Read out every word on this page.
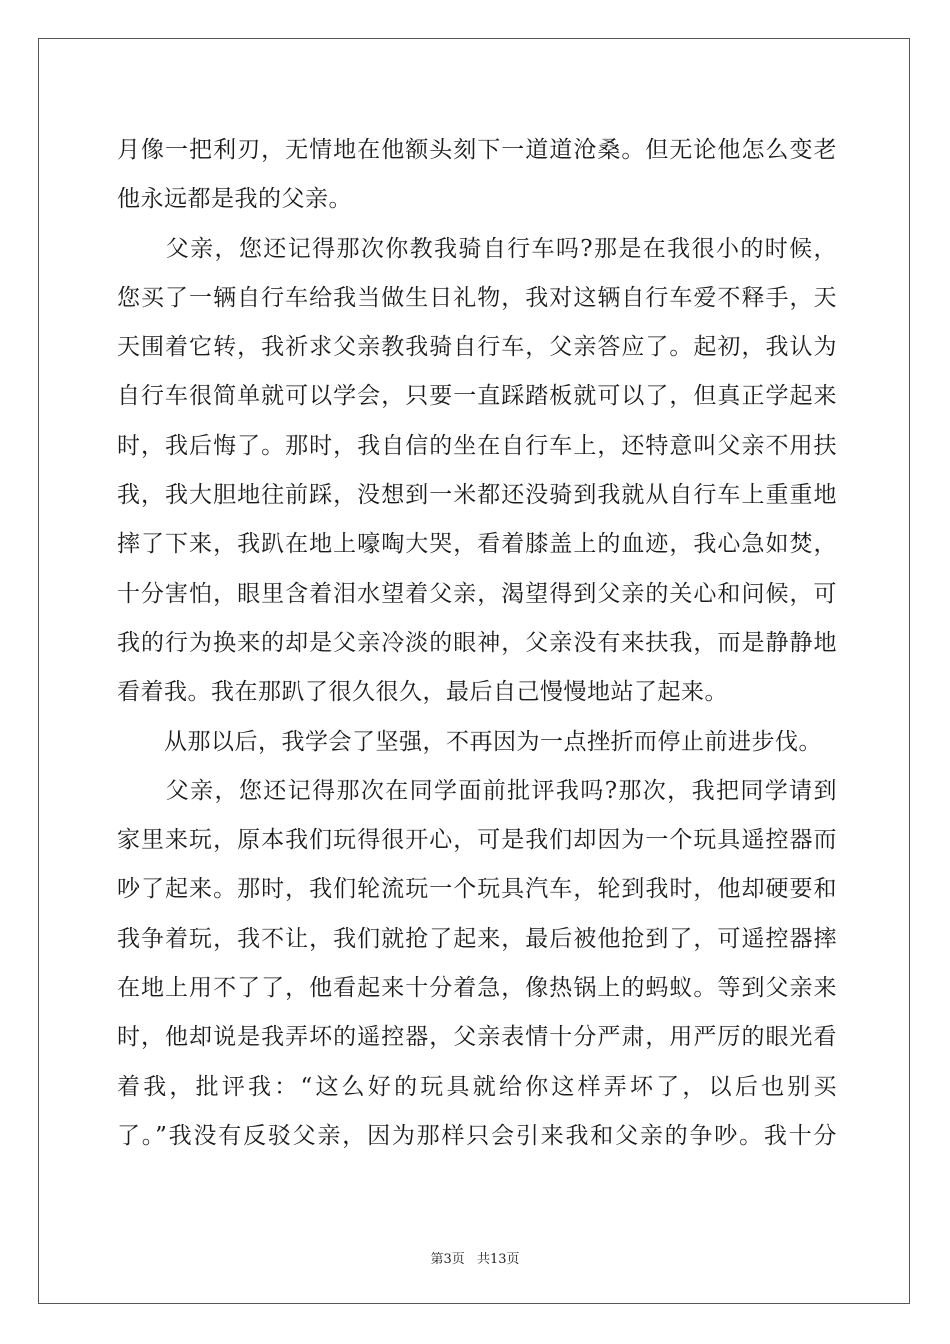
月像一把利刃，无情地在他额头刻下一道道沧桑。但无论他怎么变老
他永远都是我的父亲。
　　父亲，您还记得那次你教我骑自行车吗?那是在我很小的时候，
您买了一辆自行车给我当做生日礼物，我对这辆自行车爱不释手，天
天围着它转，我祈求父亲教我骑自行车，父亲答应了。起初，我认为
自行车很简单就可以学会，只要一直踩踏板就可以了，但真正学起来
时，我后悔了。那时，我自信的坐在自行车上，还特意叫父亲不用扶
我，我大胆地往前踩，没想到一米都还没骑到我就从自行车上重重地
摔了下来，我趴在地上嚎啕大哭，看着膝盖上的血迹，我心急如焚，
十分害怕，眼里含着泪水望着父亲，渴望得到父亲的关心和问候，可
我的行为换来的却是父亲冷淡的眼神，父亲没有来扶我，而是静静地
看着我。我在那趴了很久很久，最后自己慢慢地站了起来。
　　从那以后，我学会了坚强，不再因为一点挫折而停止前进步伐。
　　父亲，您还记得那次在同学面前批评我吗?那次，我把同学请到
家里来玩，原本我们玩得很开心，可是我们却因为一个玩具遥控器而
吵了起来。那时，我们轮流玩一个玩具汽车，轮到我时，他却硬要和
我争着玩，我不让，我们就抢了起来，最后被他抢到了，可遥控器摔
在地上用不了了，他看起来十分着急，像热锅上的蚂蚁。等到父亲来
时，他却说是我弄坏的遥控器，父亲表情十分严肃，用严厉的眼光看
着我，批评我：“这么好的玩具就给你这样弄坏了，以后也别买
了。”我没有反驳父亲，因为那样只会引来我和父亲的争吵。我十分
第3页 共13页
